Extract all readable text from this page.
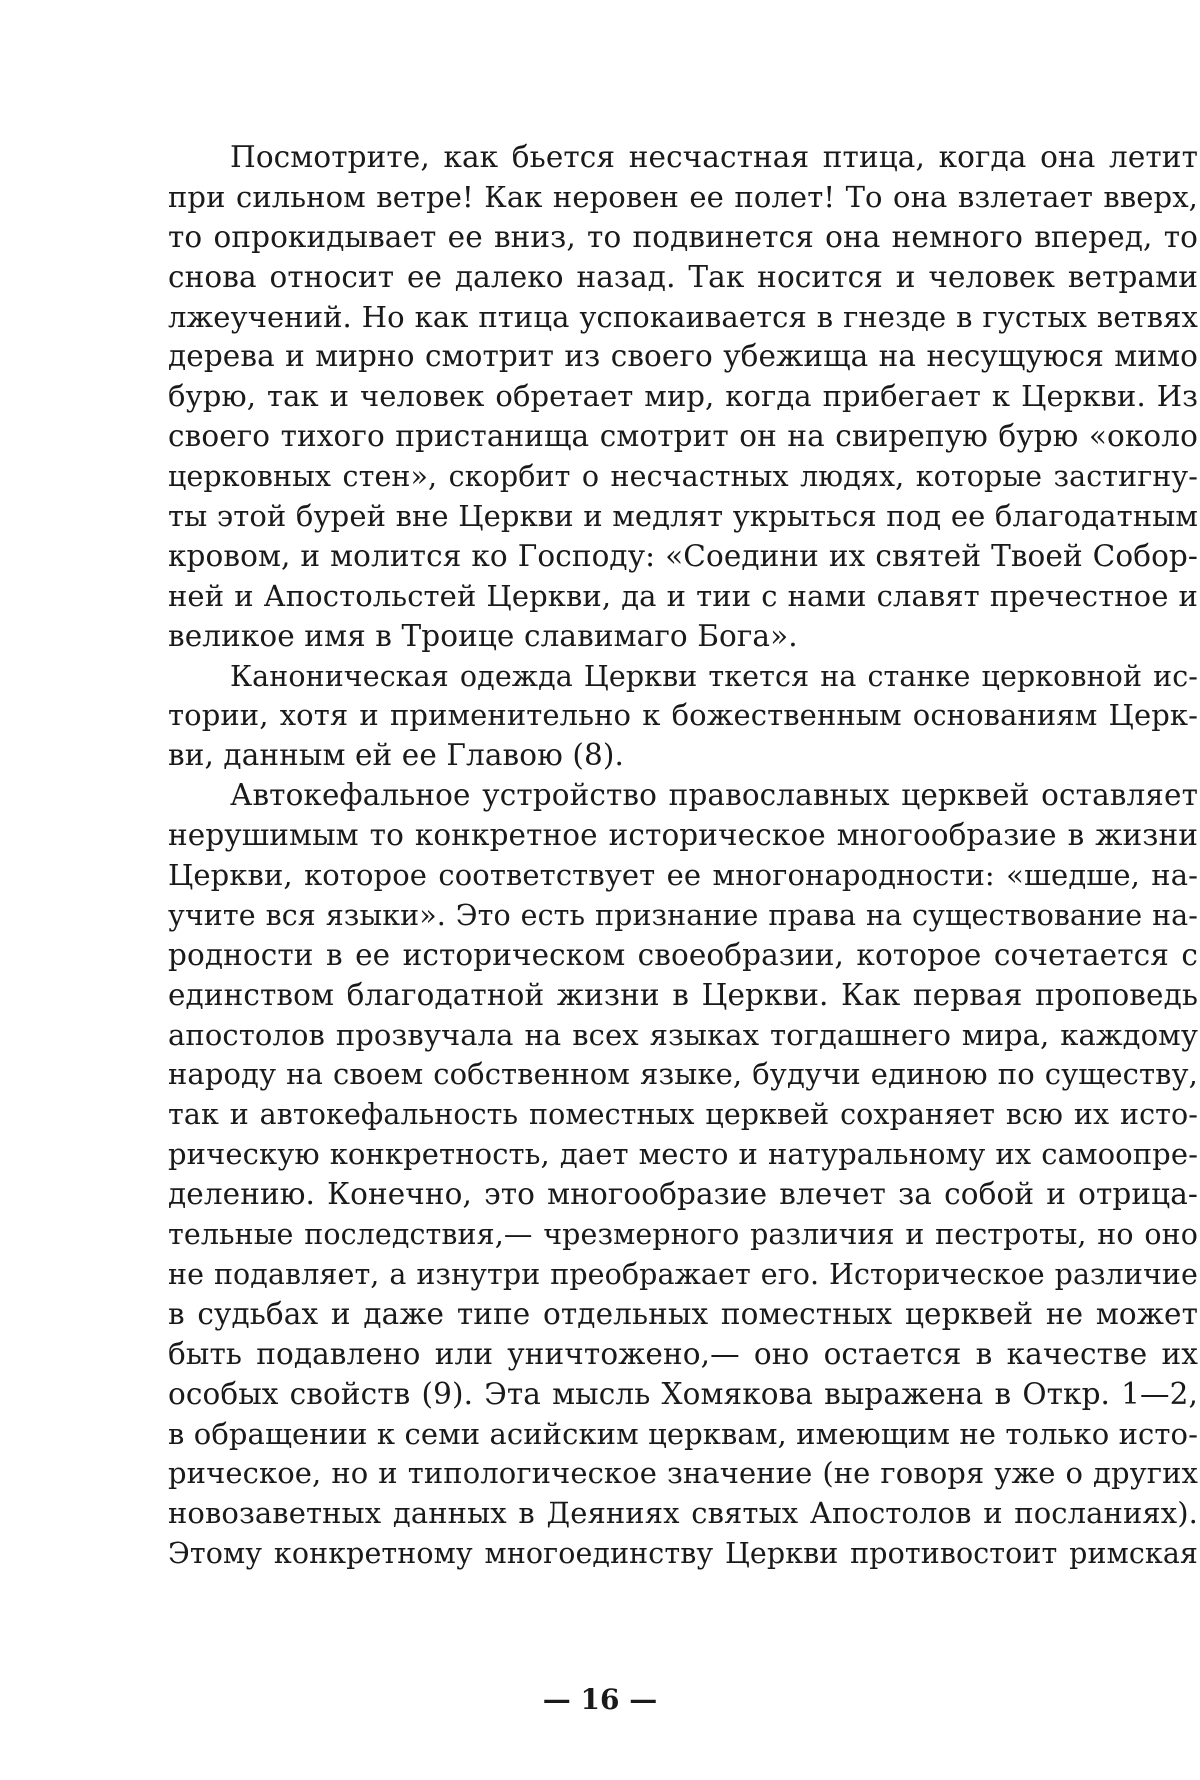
Посмотрите, как бьется несчастная птица, когда она летит
при сильном ветре! Как неровен ее полет! То она взлетает вверх,
то опрокидывает ее вниз, то подвинется она немного вперед, то
снова относит ее далеко назад. Так носится и человек ветрами
лжеучений. Но как птица успокаивается в гнезде в густых ветвях
дерева и мирно смотрит из своего убежища на несущуюся мимо
бурю, так и человек обретает мир, когда прибегает к Церкви. Из
своего тихого пристанища смотрит он на свирепую бурю «около
церковных стен», скорбит о несчастных людях, которые застигну-
ты этой бурей вне Церкви и медлят укрыться под ее благодатным
кровом, и молится ко Господу: «Соедини их святей Твоей Собор-
ней и Апостольстей Церкви, да и тии с нами славят пречестное и
великое имя в Троице славимаго Бога».
Каноническая одежда Церкви ткется на станке церковной ис-
тории, хотя и применительно к божественным основаниям Церк-
ви, данным ей ее Главою (8).
Автокефальное устройство православных церквей оставляет
нерушимым то конкретное историческое многообразие в жизни
Церкви, которое соответствует ее многонародности: «шедше, на-
учите вся языки». Это есть признание права на существование на-
родности в ее историческом своеобразии, которое сочетается с
единством благодатной жизни в Церкви. Как первая проповедь
апостолов прозвучала на всех языках тогдашнего мира, каждому
народу на своем собственном языке, будучи единою по существу,
так и автокефальность поместных церквей сохраняет всю их исто-
рическую конкретность, дает место и натуральному их самоопре-
делению. Конечно, это многообразие влечет за собой и отрица-
тельные последствия,— чрезмерного различия и пестроты, но оно
не подавляет, а изнутри преображает его. Историческое различие
в судьбах и даже типе отдельных поместных церквей не может
быть подавлено или уничтожено,— оно остается в качестве их
особых свойств (9). Эта мысль Хомякова выражена в Откр. 1—2,
в обращении к семи асийским церквам, имеющим не только исто-
рическое, но и типологическое значение (не говоря уже о других
новозаветных данных в Деяниях святых Апостолов и посланиях).
Этому конкретному многоединству Церкви противостоит римская
— 16 —
